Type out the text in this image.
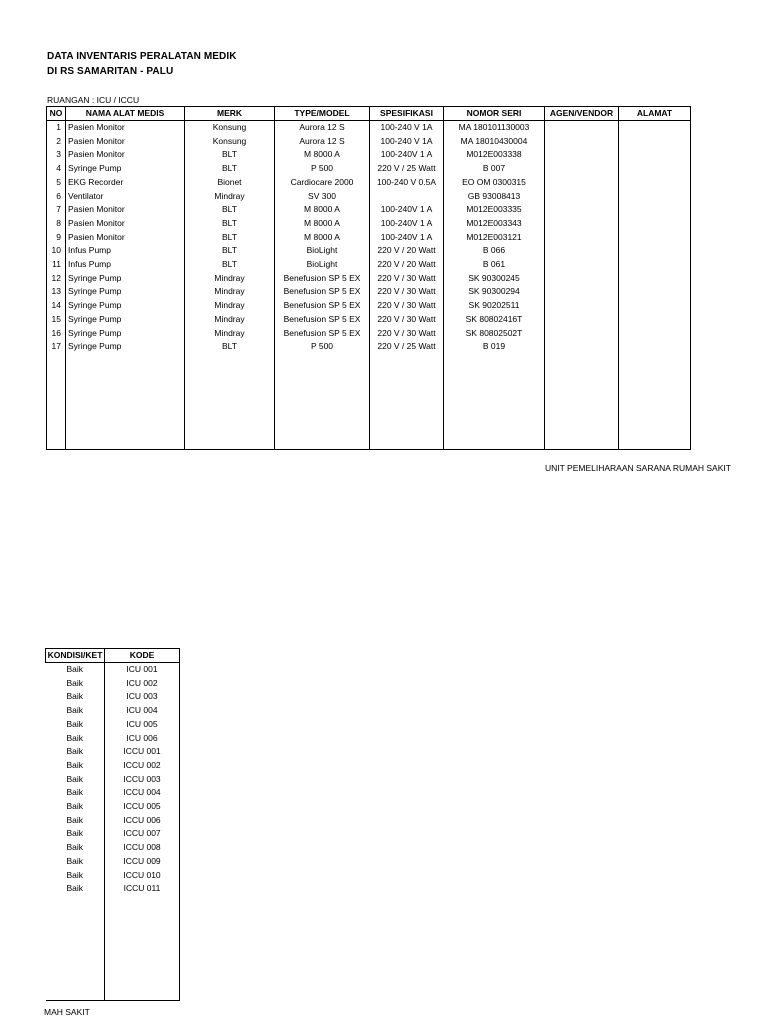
DATA INVENTARIS PERALATAN MEDIK
DI RS SAMARITAN - PALU
RUANGAN : ICU / ICCU
NO	NAMA ALAT MEDIS	MERK	TYPE/MODEL	SPESIFIKASI	NOMOR SERI	AGEN/VENDOR	ALAMAT
1	Pasien Monitor	Konsung	Aurora 12 S	100-240 V 1A	MA 180101130003		
2	Pasien Monitor	Konsung	Aurora 12 S	100-240 V 1A	MA 18010430004		
3	Pasien Monitor	BLT	M 8000 A	100-240V 1 A	M012E003338		
4	Syringe Pump	BLT	P 500	220 V / 25 Watt	B 007		
5	EKG Recorder	Bionet	Cardiocare 2000	100-240 V 0.5A	EO OM 0300315		
6	Ventilator	Mindray	SV 300		GB 93008413		
7	Pasien Monitor	BLT	M 8000 A	100-240V 1 A	M012E003335		
8	Pasien Monitor	BLT	M 8000 A	100-240V 1 A	M012E003343		
9	Pasien Monitor	BLT	M 8000 A	100-240V 1 A	M012E003121		
10	Infus Pump	BLT	BioLight	220 V / 20 Watt	B 066		
11	Infus Pump	BLT	BioLight	220 V / 20 Watt	B 061		
12	Syringe Pump	Mindray	Benefusion SP 5 EX	220 V / 30 Watt	SK 90300245		
13	Syringe Pump	Mindray	Benefusion SP 5 EX	220 V / 30 Watt	SK 90300294		
14	Syringe Pump	Mindray	Benefusion SP 5 EX	220 V / 30 Watt	SK 90202511		
15	Syringe Pump	Mindray	Benefusion SP 5 EX	220 V / 30 Watt	SK 80802416T		
16	Syringe Pump	Mindray	Benefusion SP 5 EX	220 V / 30 Watt	SK 80802502T		
17	Syringe Pump	BLT	P 500	220 V / 25 Watt	B 019		

UNIT PEMELIHARAAN SARANA RUMAH SAKIT
KONDISI/KET	KODE
Baik	ICU 001
Baik	ICU 002
Baik	ICU 003
Baik	ICU 004
Baik	ICU 005
Baik	ICU 006
Baik	ICCU 001
Baik	ICCU 002
Baik	ICCU 003
Baik	ICCU 004
Baik	ICCU 005
Baik	ICCU 006
Baik	ICCU 007
Baik	ICCU 008
Baik	ICCU 009
Baik	ICCU 010
Baik	ICCU 011

MAH SAKIT
